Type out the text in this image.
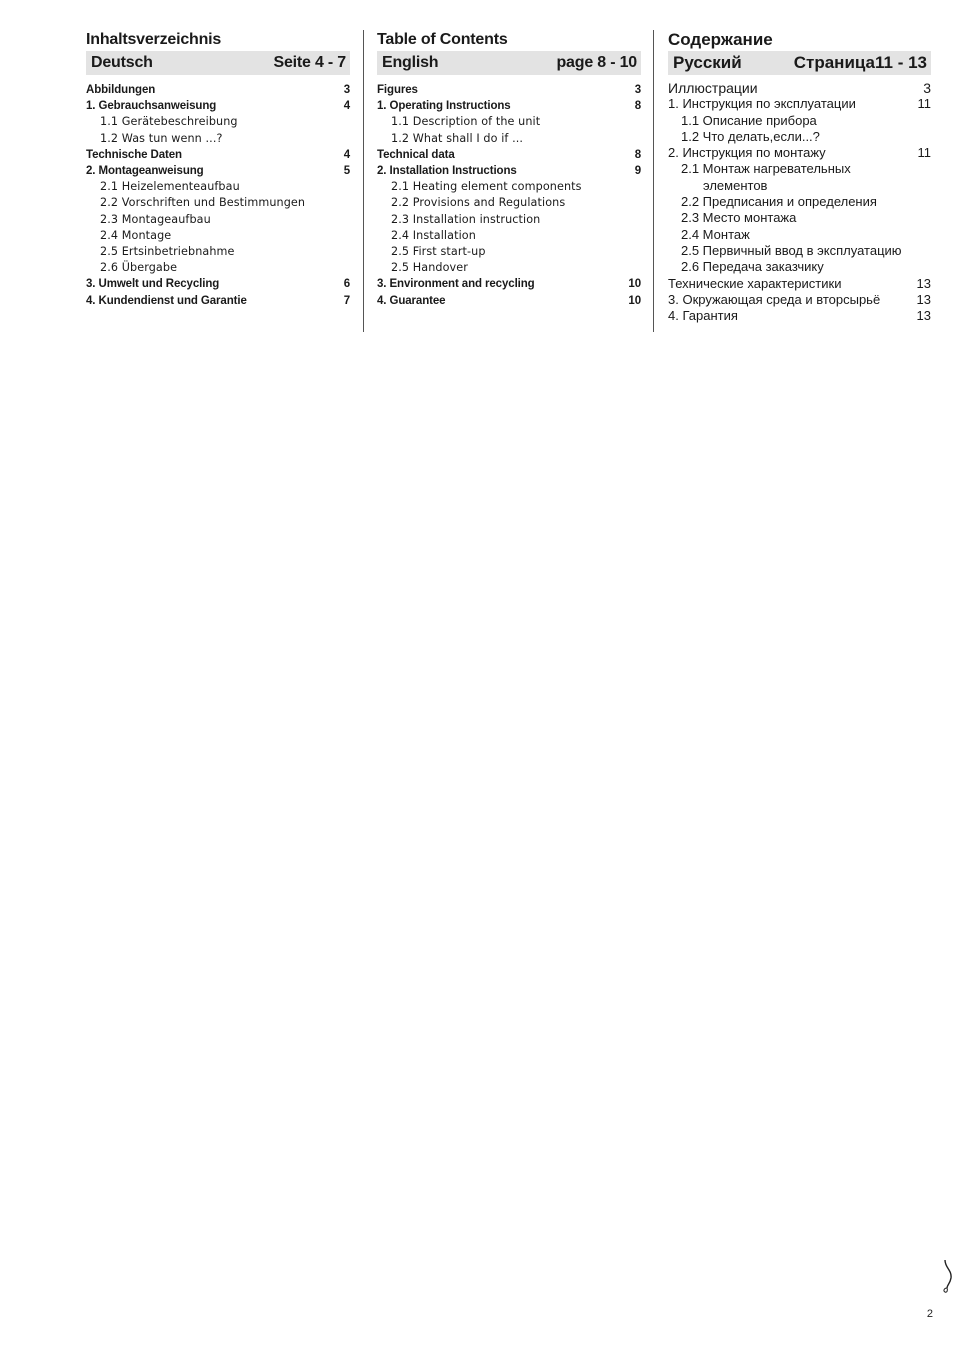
Inhaltsverzeichnis
Deutsch	Seite 4 - 7
Abbildungen	3
1. Gebrauchsanweisung	4
1.1 Gerätebeschreibung
1.2 Was tun wenn ...?
Technische Daten	4
2. Montageanweisung	5
2.1 Heizelementeaufbau
2.2 Vorschriften und Bestimmungen
2.3 Montageaufbau
2.4 Montage
2.5 Ertsinbetriebnahme
2.6 Übergabe
3. Umwelt und Recycling	6
4. Kundendienst und Garantie	7
Table of Contents
English	page 8 - 10
Figures	3
1. Operating Instructions	8
1.1 Description of the unit
1.2 What shall I do if ...
Technical data	8
2. Installation Instructions	9
2.1 Heating element components
2.2 Provisions and Regulations
2.3 Installation instruction
2.4 Installation
2.5 First start-up
2.5 Handover
3. Environment and recycling	10
4. Guarantee	10
Содержание
Русский	Страница11 - 13
Иллюстрации	3
1. Инструкция по эксплуатации	11
1.1 Описание прибора
1.2 Что делать,если...?
2. Инструкция по монтажу	11
2.1 Монтаж нагревательных
элементов
2.2 Предписания и определения
2.3 Место монтажа
2.4 Монтаж
2.5 Первичный ввод в эксплуатацию
2.6 Передача заказчику
Технические характеристики	13
3. Окружающая среда и вторсырьё	13
4. Гарантия	13
2
